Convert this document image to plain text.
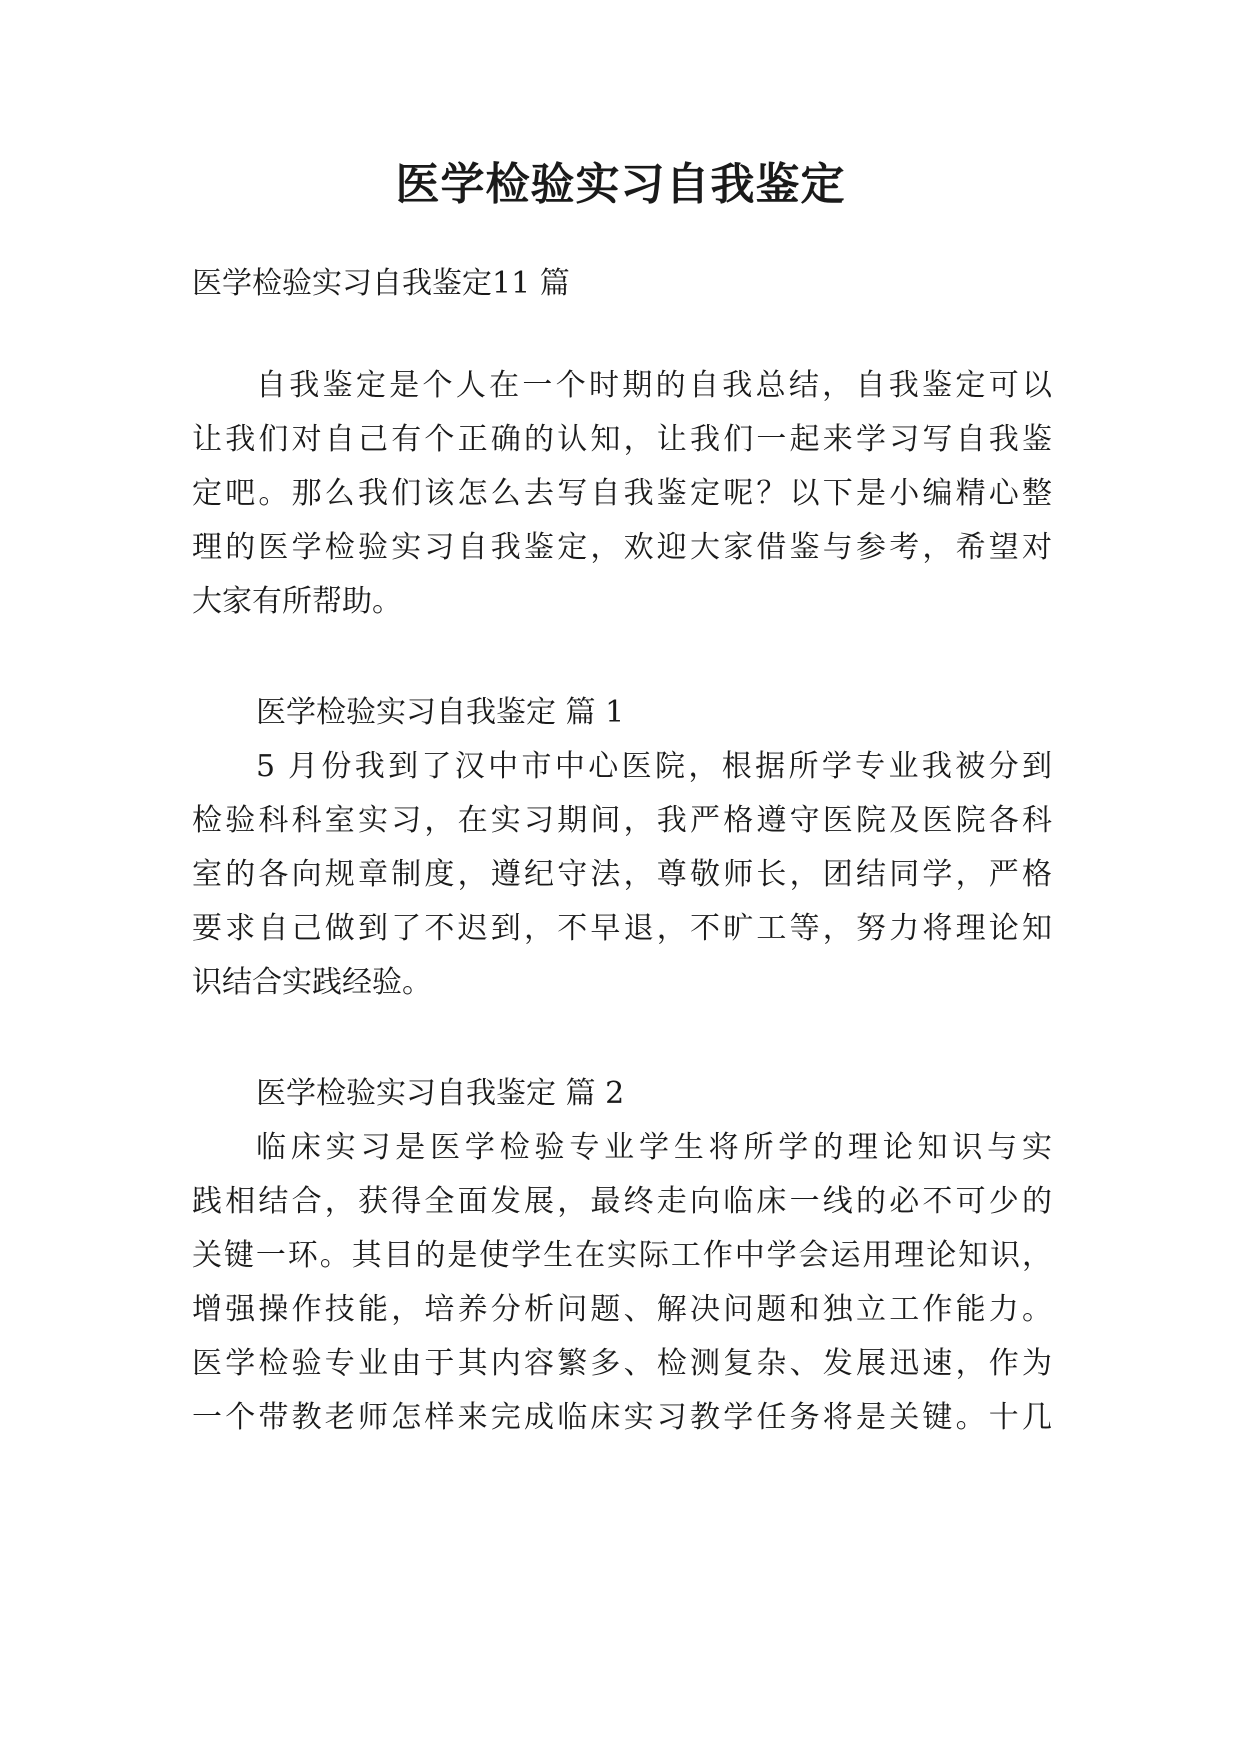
医学检验实习自我鉴定
医学检验实习自我鉴定11 篇
自我鉴定是个人在一个时期的自我总结，自我鉴定可以
让我们对自己有个正确的认知，让我们一起来学习写自我鉴
定吧。那么我们该怎么去写自我鉴定呢？以下是小编精心整
理的医学检验实习自我鉴定，欢迎大家借鉴与参考，希望对
大家有所帮助。
医学检验实习自我鉴定 篇 1
5 月份我到了汉中市中心医院，根据所学专业我被分到
检验科科室实习，在实习期间，我严格遵守医院及医院各科
室的各向规章制度，遵纪守法，尊敬师长，团结同学，严格
要求自己做到了不迟到，不早退，不旷工等，努力将理论知
识结合实践经验。
医学检验实习自我鉴定 篇 2
临床实习是医学检验专业学生将所学的理论知识与实
践相结合，获得全面发展，最终走向临床一线的必不可少的
关键一环。其目的是使学生在实际工作中学会运用理论知识，
增强操作技能，培养分析问题、解决问题和独立工作能力。
医学检验专业由于其内容繁多、检测复杂、发展迅速，作为
一个带教老师怎样来完成临床实习教学任务将是关键。十几
